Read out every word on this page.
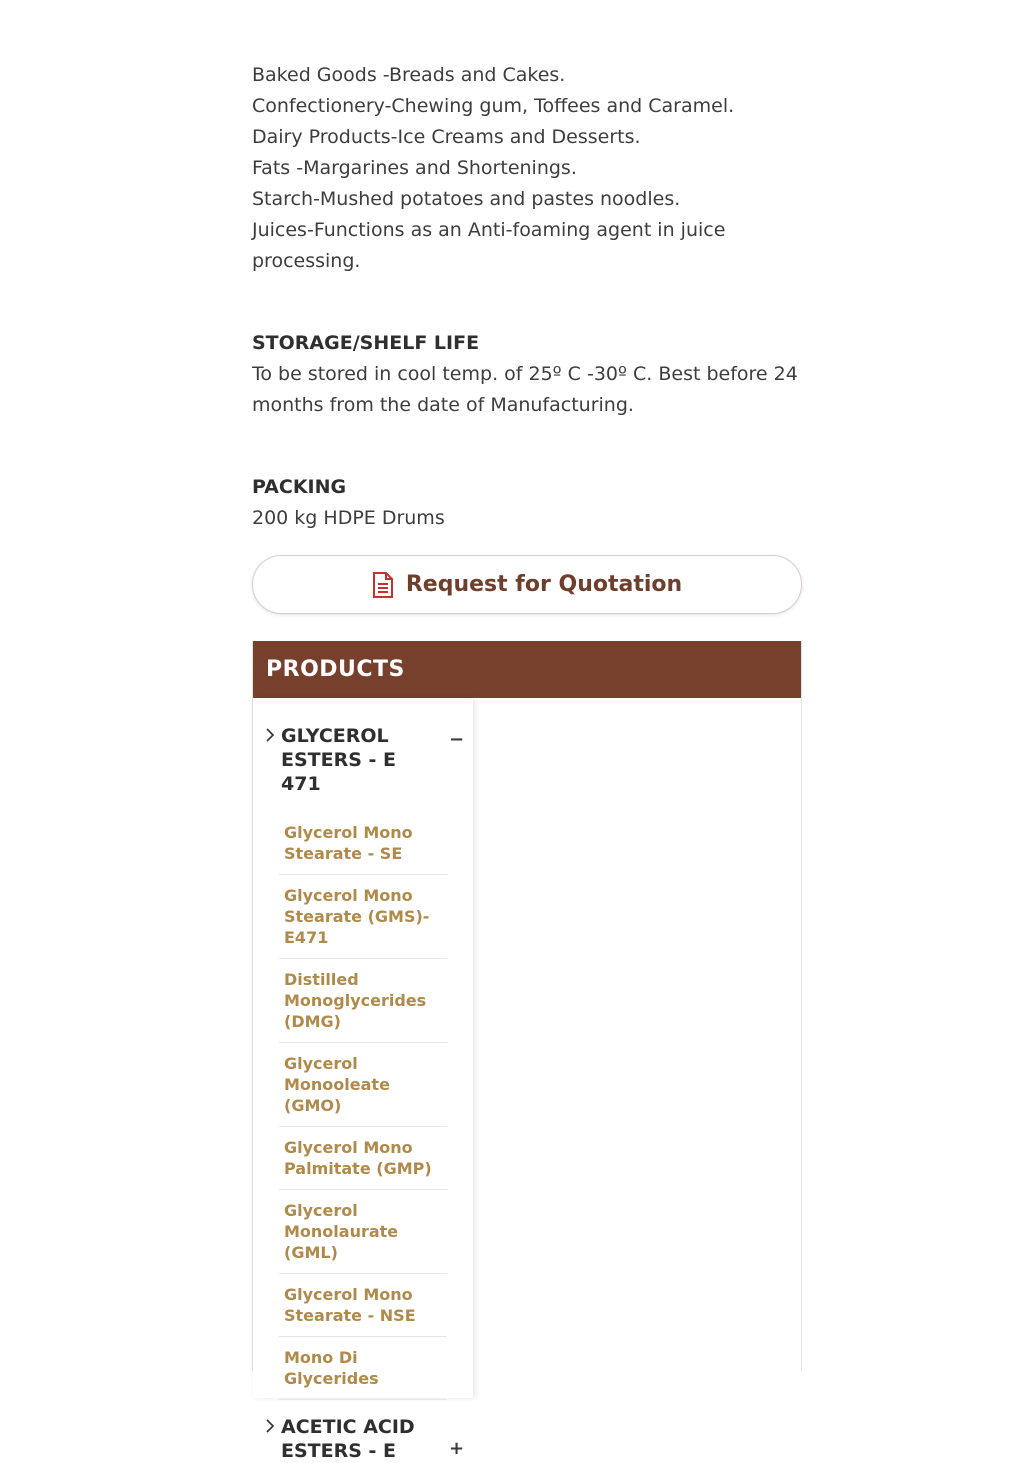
Baked Goods -Breads and Cakes.

Confectionery-Chewing gum, Toffees and Caramel.

Dairy Products-Ice Creams and Desserts.

Fats -Margarines and Shortenings.

Starch-Mushed potatoes and pastes noodles.

Juices-Functions as an Anti-foaming agent in juice processing.

STORAGE/SHELF LIFE

To be stored in cool temp. of 25º C -30º C. Best before 24 months from the date of Manufacturing.

PACKING

200 kg HDPE Drums

Request for Quotation
PRODUCTS
GLYCEROL ESTERS - E 471
−
Glycerol Mono Stearate - SE
Glycerol Mono Stearate (GMS)-E471
Distilled Monoglycerides (DMG)
Glycerol Monooleate (GMO)
Glycerol Mono Palmitate (GMP)
Glycerol Monolaurate (GML)
Glycerol Mono Stearate - NSE
Mono Di Glycerides
ACETIC ACID ESTERS - E	+
